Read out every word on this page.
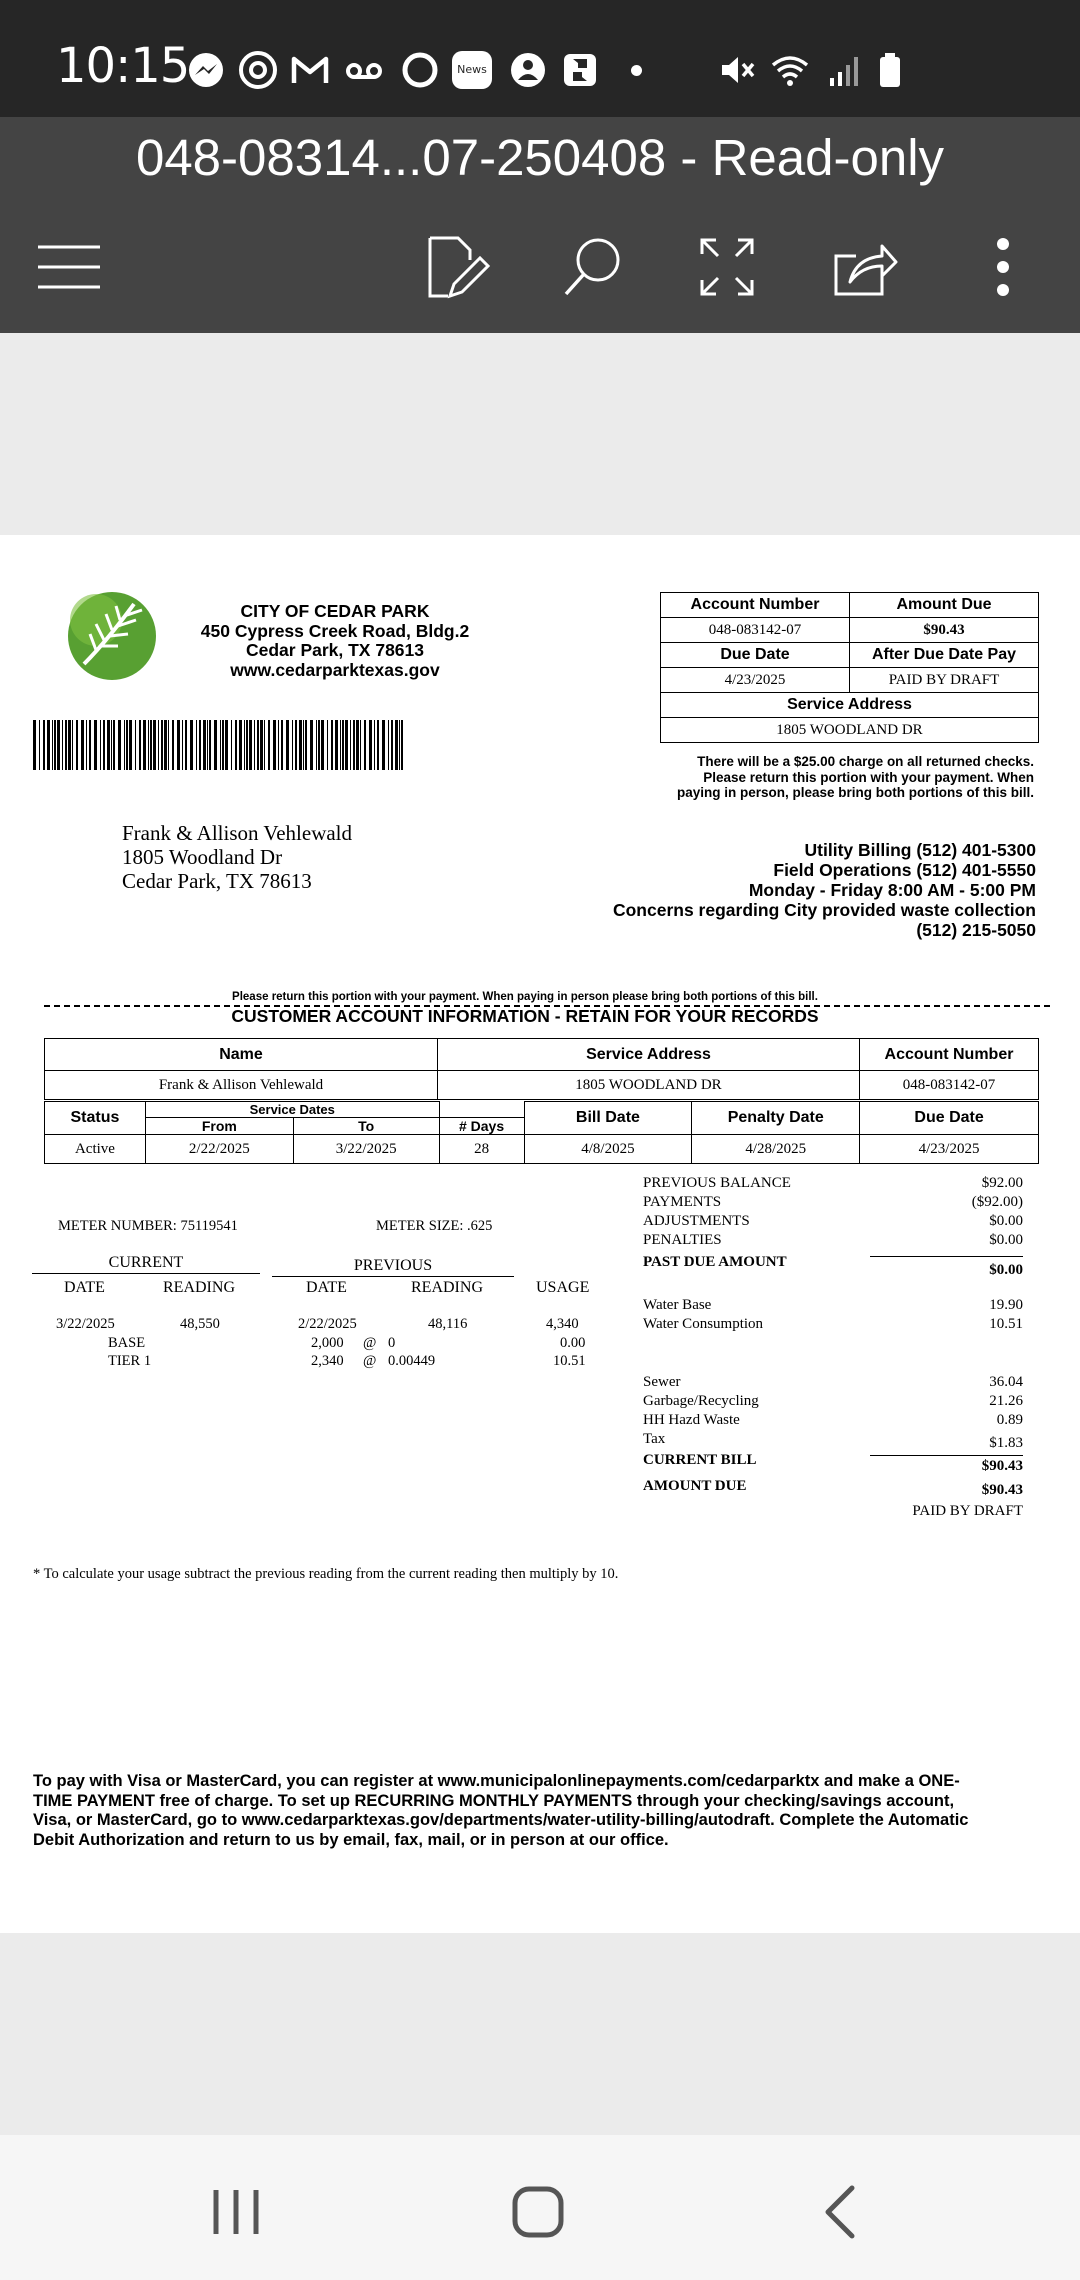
10:15	News
048-08314...07-250408 - Read-only
CITY OF CEDAR PARK
450 Cypress Creek Road, Bldg.2
Cedar Park, TX 78613
www.cedarparktexas.gov
Account Number	Amount Due
048-083142-07	$90.43
Due Date	After Due Date Pay
4/23/2025	PAID BY DRAFT
Service Address	
1805 WOODLAND DR	
There will be a $25.00 charge on all returned checks.
Please return this portion with your payment. When
paying in person, please bring both portions of this bill.
Frank & Allison Vehlewald
1805 Woodland Dr
Cedar Park, TX 78613
Utility Billing (512) 401-5300
Field Operations (512) 401-5550
Monday - Friday 8:00 AM - 5:00 PM
Concerns regarding City provided waste collection
(512) 215-5050
Please return this portion with your payment. When paying in person please bring both portions of this bill.
CUSTOMER ACCOUNT INFORMATION - RETAIN FOR YOUR RECORDS
Name	Service Address	Account Number
Frank & Allison Vehlewald	1805 WOODLAND DR	048-083142-07
Status	Service Dates			Bill Date	Penalty Date	Due Date
	From	To	# Days			
Active	2/22/2025	3/22/2025	28	4/8/2025	4/28/2025	4/23/2025
METER NUMBER: 75119541	METER SIZE: .625
CURRENT	PREVIOUS
DATE	READING	DATE	READING	USAGE
3/22/2025	48,550	2/22/2025	48,116	4,340
BASE	2,000 @ 0	0.00
TIER 1	2,340 @ 0.00449	10.51
PREVIOUS BALANCE	$92.00
PAYMENTS	($92.00)
ADJUSTMENTS	$0.00
PENALTIES	$0.00
PAST DUE AMOUNT	$0.00
Water Base	19.90
Water Consumption	10.51
Sewer	36.04
Garbage/Recycling	21.26
HH Hazd Waste	0.89
Tax	$1.83
CURRENT BILL	$90.43
AMOUNT DUE	$90.43
PAID BY DRAFT
* To calculate your usage subtract the previous reading from the current reading then multiply by 10.
To pay with Visa or MasterCard, you can register at www.municipalonlinepayments.com/cedarparktx and make a ONE-
TIME PAYMENT free of charge. To set up RECURRING MONTHLY PAYMENTS through your checking/savings account,
Visa, or MasterCard, go to www.cedarparktexas.gov/departments/water-utility-billing/autodraft. Complete the Automatic
Debit Authorization and return to us by email, fax, mail, or in person at our office.
